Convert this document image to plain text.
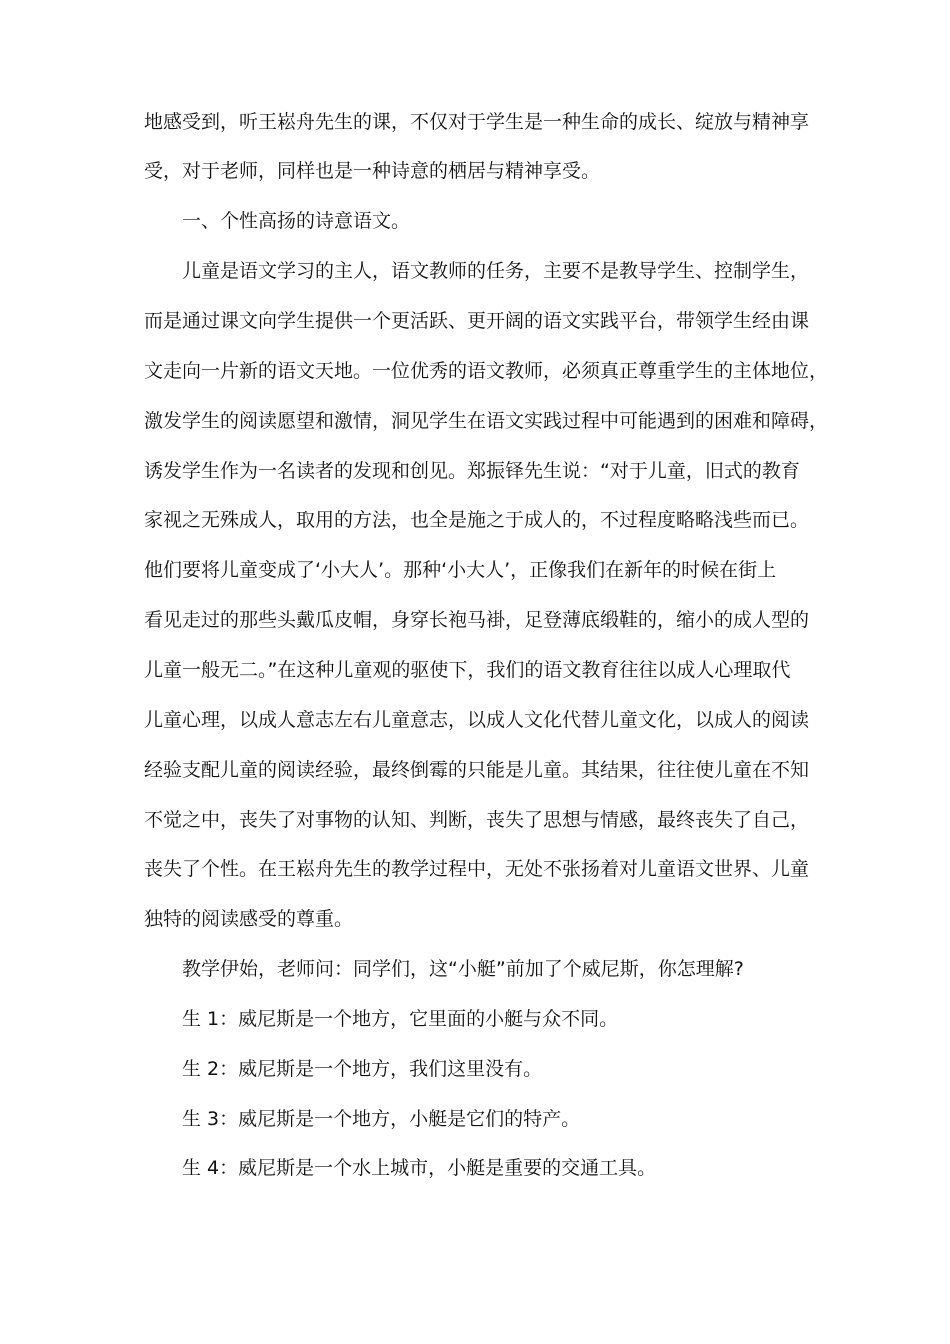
地感受到，听王崧舟先生的课，不仅对于学生是一种生命的成长、绽放与精神享

受，对于老师，同样也是一种诗意的栖居与精神享受。

一、个性高扬的诗意语文。

儿童是语文学习的主人，语文教师的任务，主要不是教导学生、控制学生，

而是通过课文向学生提供一个更活跃、更开阔的语文实践平台，带领学生经由课

文走向一片新的语文天地。一位优秀的语文教师，必须真正尊重学生的主体地位，

激发学生的阅读愿望和激情，洞见学生在语文实践过程中可能遇到的困难和障碍，

诱发学生作为一名读者的发现和创见。郑振铎先生说：“对于儿童，旧式的教育

家视之无殊成人，取用的方法，也全是施之于成人的，不过程度略略浅些而已。

他们要将儿童变成了‘小大人’。那种‘小大人’，正像我们在新年的时候在街上

看见走过的那些头戴瓜皮帽，身穿长袍马褂，足登薄底缎鞋的，缩小的成人型的

儿童一般无二。”在这种儿童观的驱使下，我们的语文教育往往以成人心理取代

儿童心理，以成人意志左右儿童意志，以成人文化代替儿童文化，以成人的阅读

经验支配儿童的阅读经验，最终倒霉的只能是儿童。其结果，往往使儿童在不知

不觉之中，丧失了对事物的认知、判断，丧失了思想与情感，最终丧失了自己，

丧失了个性。在王崧舟先生的教学过程中，无处不张扬着对儿童语文世界、儿童

独特的阅读感受的尊重。

教学伊始，老师问：同学们，这“小艇”前加了个威尼斯，你怎理解?

生 1：威尼斯是一个地方，它里面的小艇与众不同。

生 2：威尼斯是一个地方，我们这里没有。

生 3：威尼斯是一个地方，小艇是它们的特产。

生 4：威尼斯是一个水上城市，小艇是重要的交通工具。
